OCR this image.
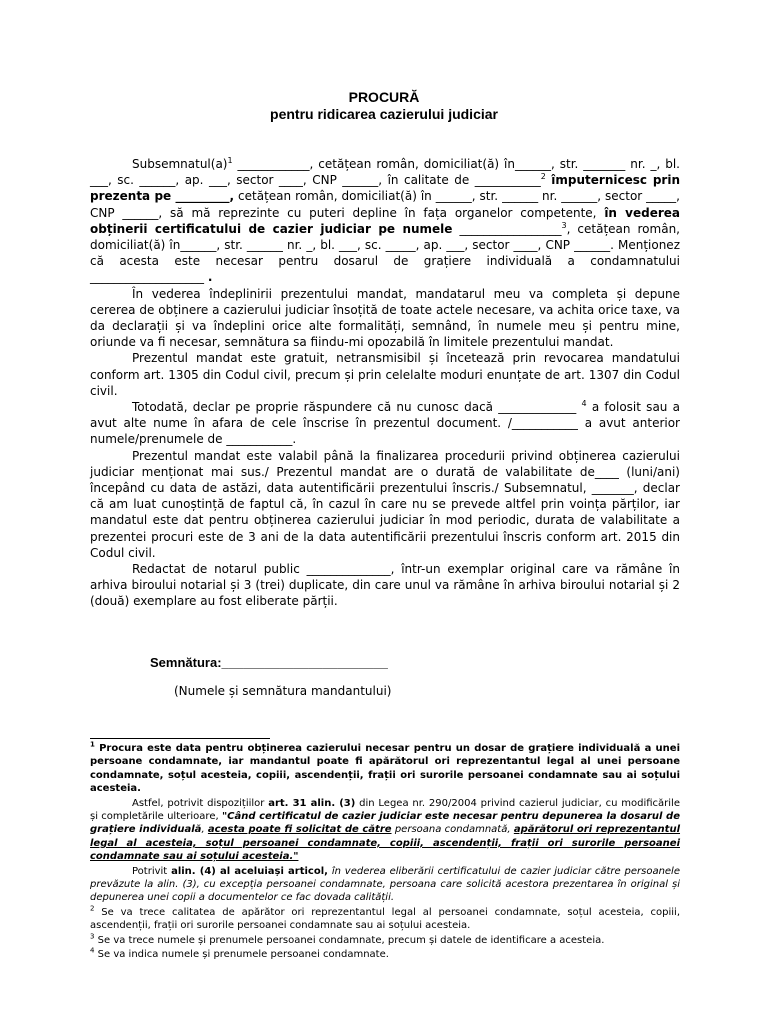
PROCURĂ
pentru ridicarea cazierului judiciar

$Subsemnatul(a)^1$ ____________, cetățean român, domiciliat(ă) în______, str. _______ nr. _, bl. ___, sc. ______, ap. ___, sector ____, CNP ______, în calitate de ___________$^2$ împuternicesc prin prezenta pe _________, cetățean român, domiciliat(ă) în ______, str. ______ nr. ______, sector _____, CNP ______, să mă reprezinte cu puteri depline în fața organelor competente, în vederea obținerii certificatului de cazier judiciar pe numele _________________$^3$, cetățean român, domiciliat(ă) în______, str. ______ nr. _, bl. ___, sc. _____, ap. ___, sector ____, CNP ______. Menționez că acesta este necesar pentru dosarul de grațiere individuală a condamnatului ___________________ .

În vederea îndeplinirii prezentului mandat, mandatarul meu va completa și depune cererea de obținere a cazierului judiciar însoțită de toate actele necesare, va achita orice taxe, va da declarații și va îndeplini orice alte formalități, semnând, în numele meu și pentru mine, oriunde va fi necesar, semnătura sa fiindu-mi opozabilă în limitele prezentului mandat.

Prezentul mandat este gratuit, netransmisibil și încetează prin revocarea mandatului conform art. 1305 din Codul civil, precum și prin celelalte moduri enunțate de art. 1307 din Codul civil.

Totodată, declar pe proprie răspundere că nu cunosc dacă _____________ $^4$ a folosit sau a avut alte nume în afara de cele înscrise în prezentul document. /___________ a avut anterior numele/prenumele de ___________.

Prezentul mandat este valabil până la finalizarea procedurii privind obținerea cazierului judiciar menționat mai sus./ Prezentul mandat are o durată de valabilitate de____ (luni/ani) începând cu data de astăzi, data autentificării prezentului înscris./ Subsemnatul, _______, declar că am luat cunoștință de faptul că, în cazul în care nu se prevede altfel prin voința părților, iar mandatul este dat pentru obținerea cazierului judiciar în mod periodic, durata de valabilitate a prezentei procuri este de 3 ani de la data autentificării prezentului înscris conform art. 2015 din Codul civil.

Redactat de notarul public ______________, într-un exemplar original care va rămâne în arhiva biroului notarial și 3 (trei) duplicate, din care unul va rămâne în arhiva biroului notarial și 2 (două) exemplare au fost eliberate părții.

Semnătura:_______________________
(Numele și semnătura mandantului)

$^1$ Procura este data pentru obținerea cazierului necesar pentru un dosar de grațiere individuală a unei persoane condamnate, iar mandantul poate fi apărătorul ori reprezentantul legal al unei persoane condamnate, soțul acesteia, copiii, ascendenții, frații ori surorile persoanei condamnate sau ai soțului acesteia.

Astfel, potrivit dispozițiilor art. 31 alin. (3) din Legea nr. 290/2004 privind cazierul judiciar, cu modificările și completările ulterioare, "Când certificatul de cazier judiciar este necesar pentru depunerea la dosarul de grațiere individuală, acesta poate fi solicitat de către persoana condamnată, apărătorul ori reprezentantul legal al acesteia, soțul persoanei condamnate, copiii, ascendenții, frații ori surorile persoanei condamnate sau ai soțului acesteia."

Potrivit alin. (4) al aceluiași articol, în vederea eliberării certificatului de cazier judiciar către persoanele prevăzute la alin. (3), cu excepția persoanei condamnate, persoana care solicită acestora prezentarea în original și depunerea unei copii a documentelor ce fac dovada calității.

$^2$ Se va trece calitatea de apărător ori reprezentantul legal al persoanei condamnate, soțul acesteia, copiii, ascendenții, frații ori surorile persoanei condamnate sau ai soțului acesteia.

$^3$ Se va trece numele și prenumele persoanei condamnate, precum și datele de identificare a acesteia.

$^4$ Se va indica numele și prenumele persoanei condamnate.
